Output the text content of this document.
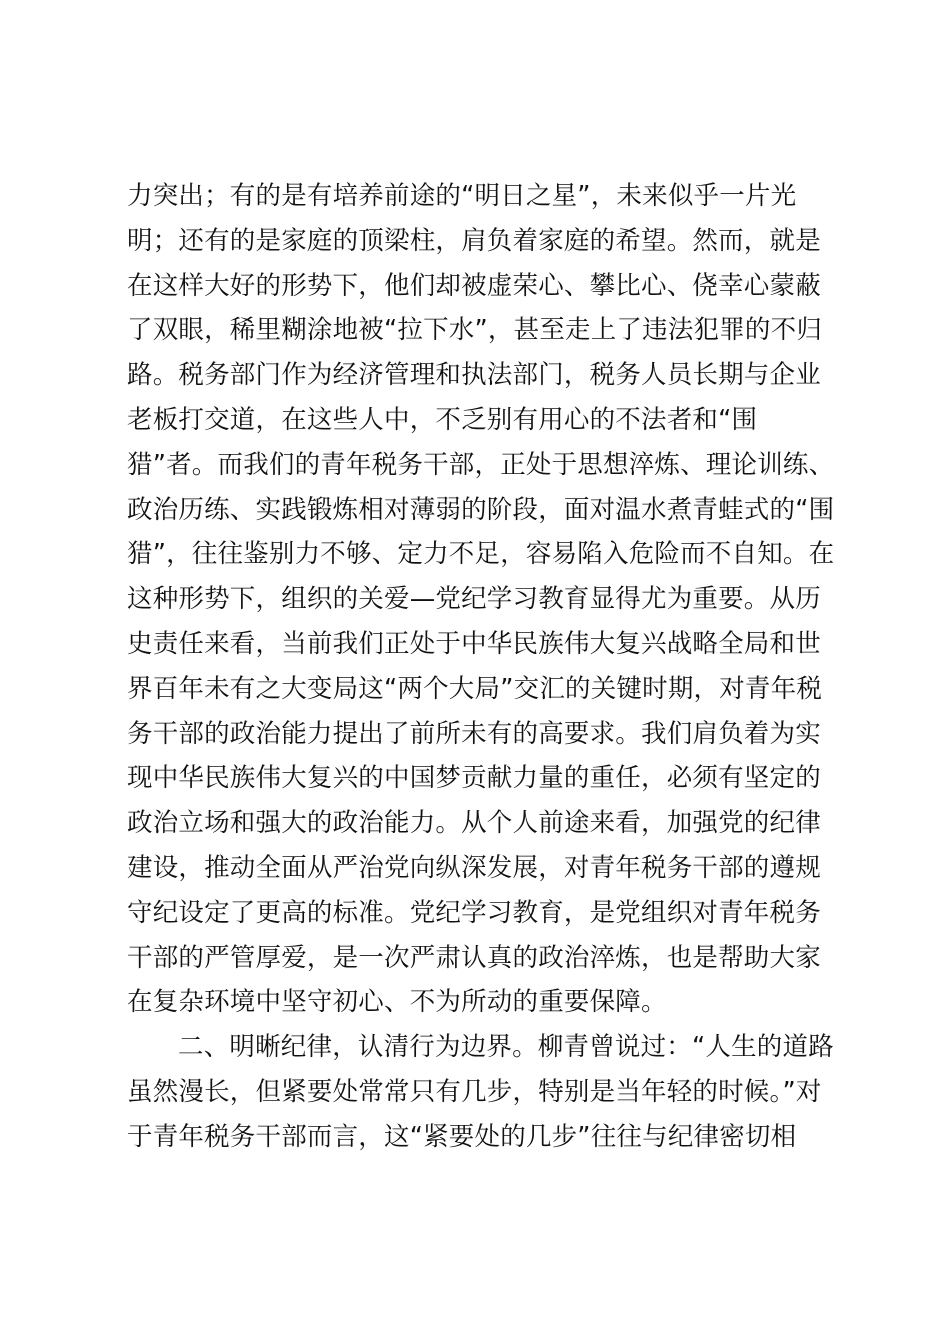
力突出；有的是有培养前途的“明日之星”，未来似乎一片光
明；还有的是家庭的顶梁柱，肩负着家庭的希望。然而，就是
在这样大好的形势下，他们却被虚荣心、攀比心、侥幸心蒙蔽
了双眼，稀里糊涂地被“拉下水”，甚至走上了违法犯罪的不归
路。税务部门作为经济管理和执法部门，税务人员长期与企业
老板打交道，在这些人中，不乏别有用心的不法者和“围
猎”者。而我们的青年税务干部，正处于思想淬炼、理论训练、
政治历练、实践锻炼相对薄弱的阶段，面对温水煮青蛙式的“围
猎”，往往鉴别力不够、定力不足，容易陷入危险而不自知。在
这种形势下，组织的关爱—党纪学习教育显得尤为重要。从历
史责任来看，当前我们正处于中华民族伟大复兴战略全局和世
界百年未有之大变局这“两个大局”交汇的关键时期，对青年税
务干部的政治能力提出了前所未有的高要求。我们肩负着为实
现中华民族伟大复兴的中国梦贡献力量的重任，必须有坚定的
政治立场和强大的政治能力。从个人前途来看，加强党的纪律
建设，推动全面从严治党向纵深发展，对青年税务干部的遵规
守纪设定了更高的标准。党纪学习教育，是党组织对青年税务
干部的严管厚爱，是一次严肃认真的政治淬炼，也是帮助大家
在复杂环境中坚守初心、不为所动的重要保障。
二、明晰纪律，认清行为边界。柳青曾说过：“人生的道路
虽然漫长，但紧要处常常只有几步，特别是当年轻的时候。”对
于青年税务干部而言，这“紧要处的几步”往往与纪律密切相
